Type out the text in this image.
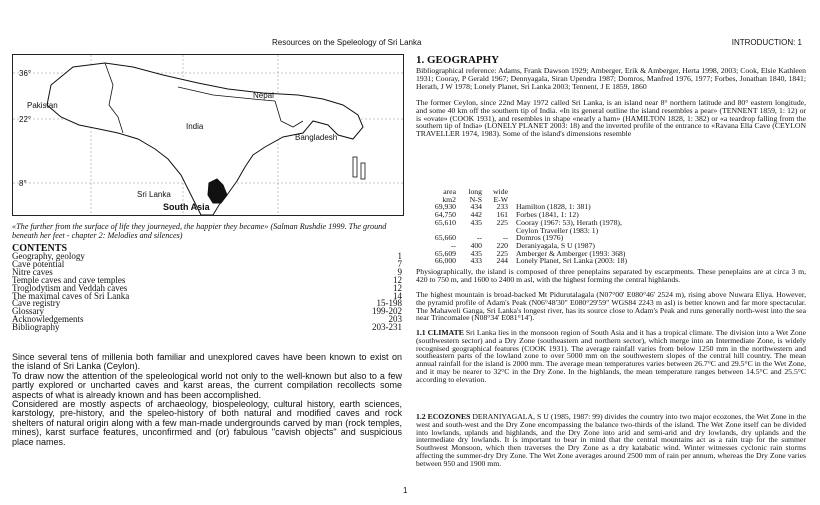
Resources on the Speleology of Sri Lanka	INTRODUCTION: 1
36°
22°
8°
Pakistan
Nepal
India
Bangladesh
Sri Lanka
South Asia
«The further from the surface of life they journeyed, the happier they became» (Salman Rushdie 1999. The ground beneath her feet - chapter 2: Melodies and silences)
CONTENTS
Geography, geology	1
Cave potential	7
Nitre caves	9
Temple caves and cave temples	12
Troglodytism and Veddah caves	12
The maximal caves of Sri Lanka	14
Cave registry	15-198
Glossary	199-202
Acknowledgements	203
Bibliography	203-231

Since several tens of millenia both familiar and unexplored caves have been known to exist on the island of Sri Lanka (Ceylon).

To draw now the attention of the speleological world not only to the well-known but also to a few partly explored or uncharted caves and karst areas, the current compilation recollects some aspects of what is already known and has been accomplished.

Considered are mostly aspects of archaeology, biospeleology, cultural history, earth sciences, karstology, pre-history, and the speleo-history of both natural and modified caves and rock shelters of natural origin along with a few man-made undergrounds carved by man (rock temples, mines), karst surface features, unconfirmed and (or) fabulous "cavish objects" and suspicious place names.

1. GEOGRAPHY
Bibliographical reference: Adams, Frank Dawson 1929; Amberger, Erik & Amberger, Herta 1998, 2003; Cook, Elsie Kathleen 1931; Cooray, P Gerald 1967; Dennyagala, Siran Upendra 1987; Domros, Manfred 1976, 1977; Forbes, Jonathan 1840, 1841; Herath, J W 1978; Lonely Planet, Sri Lanka 2003; Tennent, J E 1859, 1860
The former Ceylon, since 22nd May 1972 called Sri Lanka, is an island near 8° northern latitude and 80° eastern longitude, and some 40 km off the southern tip of India. «In its general outline the island resembles a pear» (TENNENT 1859, 1: 12) or is «ovate» (COOK 1931), and resembles in shape «nearly a ham» (HAMILTON 1828, 1: 382) or «a teardrop falling from the southern tip of India» (LONELY PLANET 2003: 18) and the inverted profile of the entrance to «Ravana Ella Cave (CEYLON TRAVELLER 1974, 1983). Some of the island's dimensions resemble
area	long	wide
km2	N-S	E-W
69,930	434	233 Hamilton (1828, 1: 381)
64,750	442	161 Forbes (1841, 1: 12)
65,610	435	225 Cooray (1967: 53), Herath (1978),
Ceylon Traveller (1983: 1)
65,660	--	-- Domros (1976)
--	400	220 Deraniyagala, S U (1987)
65,609	435	225 Amberger & Amberger (1993: 368)
66,000	433	244 Lonely Planet, Sri Lanka (2003: 18)
Physiographically, the island is composed of three peneplains separated by escarpments. These peneplains are at circa 3 m, 420 to 750 m, and 1600 to 2400 m asl, with the highest forming the central highlands.
The highest mountain is broad-backed Mt Pidurutalagala (N07°00' E080°46' 2524 m), rising above Nuwara Eliya. However, the pyramid profile of Adam's Peak (N06°48'30" E080°29'59" WGS84 2243 m asl) is better known and far more spectacular. The Mahaweli Ganga, Sri Lanka's longest river, has its source close to Adam's Peak and runs generally north-west into the sea near Trincomalee (N08°34' E081°14').
1.1 CLIMATE Sri Lanka lies in the monsoon region of South Asia and it has a tropical climate. The division into a Wet Zone (southwestern sector) and a Dry Zone (southeastern and northern sector), which merge into an Intermediate Zone, is widely recognised geographical features (COOK 1931). The average rainfall varies from below 1250 mm in the northwestern and southeastern parts of the lowland zone to over 5000 mm on the southwestern slopes of the central hill country. The mean annual rainfall for the island is 2000 mm. The average mean temperatures varies between 26.7°C and 29.5°C in the Wet Zone, and it may be nearer to 32°C in the Dry Zone. In the highlands, the mean temperature ranges between 14.5°C and 25.5°C according to elevation.
1.2 ECOZONES DERANIYAGALA, S U (1985, 1987: 99) divides the country into two major ecozones, the Wet Zone in the west and south-west and the Dry Zone encompassing the balance two-thirds of the island. The Wet Zone itself can be divided into lowlands, uplands and highlands, and the Dry Zone into arid and semi-arid and dry lowlands, dry uplands and the intermediate dry lowlands. It is important to bear in mind that the central mountains act as a rain trap for the summer Southwest Monsoon, which then traverses the Dry Zone as a dry katabatic wind. Winter witnesses cyclonic rain storms affecting the summer-dry Dry Zone. The Wet Zone averages around 2500 mm of rain per annum, whereas the Dry Zone varies between 950 and 1900 mm.
1
